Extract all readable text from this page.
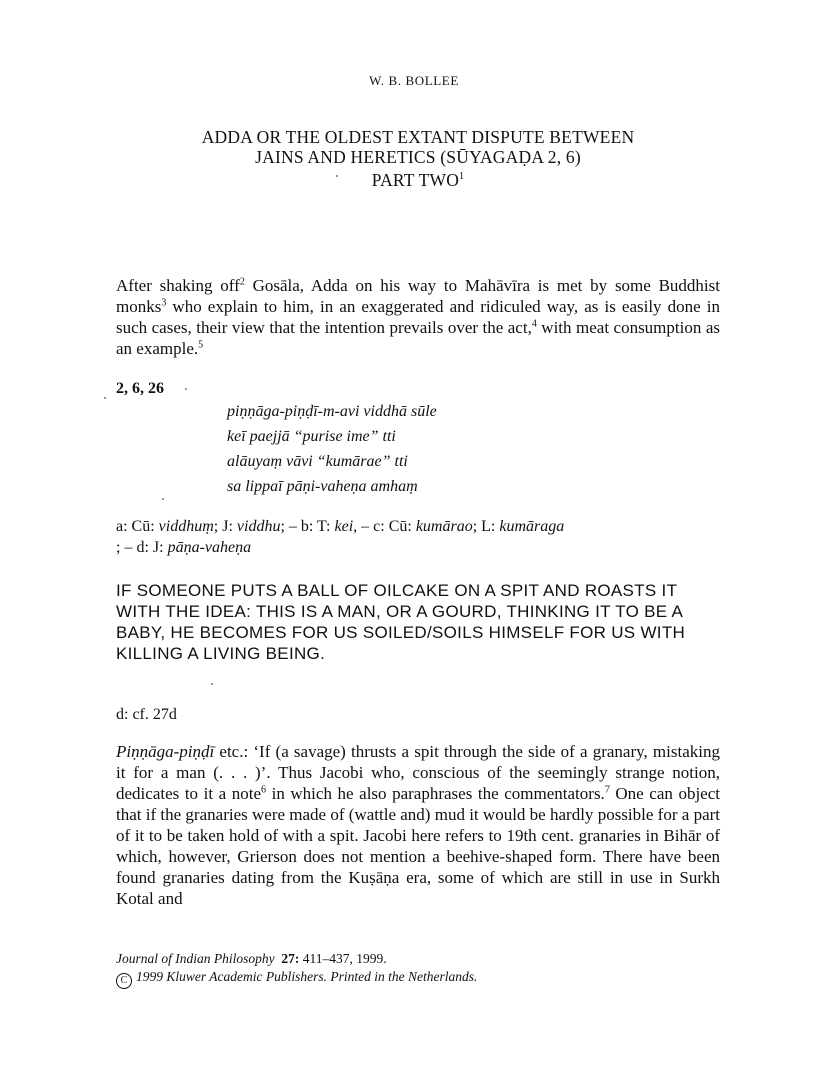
W. B. BOLLEE
ADDA OR THE OLDEST EXTANT DISPUTE BETWEEN
JAINS AND HERETICS (SŪYAGAḌA 2, 6)
PART TWO$^1$
After shaking off$^2$ Gosāla, Adda on his way to Mahāvīra is met by some Buddhist monks$^3$ who explain to him, in an exaggerated and ridiculed way, as is easily done in such cases, their view that the intention prevails over the act,$^4$ with meat consumption as an example.$^5$
2, 6, 26
piṇṇāga-piṇḍī-m-avi viddhā sūle
keī paejjā “purise ime” tti
alāuyaṃ vāvi “kumārae” tti
sa lippaī pāṇi-vaheṇa amhaṃ
a: Cū: viddhuṃ; J: viddhu; – b: T: kei, – c: Cū: kumārao; L: kumāraga
; – d: J: pāṇa-vaheṇa
IF SOMEONE PUTS A BALL OF OILCAKE ON A SPIT AND ROASTS IT WITH THE IDEA: THIS IS A MAN, OR A GOURD, THINKING IT TO BE A BABY, HE BECOMES FOR US SOILED/SOILS HIMSELF FOR US WITH KILLING A LIVING BEING.
d: cf. 27d
Piṇṇāga-piṇḍī etc.: ‘If (a savage) thrusts a spit through the side of a granary, mistaking it for a man (. . . )’. Thus Jacobi who, conscious of the seemingly strange notion, dedicates to it a note$^6$ in which he also paraphrases the commentators.$^7$ One can object that if the granaries were made of (wattle and) mud it would be hardly possible for a part of it to be taken hold of with a spit. Jacobi here refers to 19th cent. granaries in Bihār of which, however, Grierson does not mention a beehive-shaped form. There have been found granaries dating from the Kuṣāṇa era, some of which are still in use in Surkh Kotal and
Journal of Indian Philosophy 27: 411–437, 1999.
C 1999 Kluwer Academic Publishers. Printed in the Netherlands.
